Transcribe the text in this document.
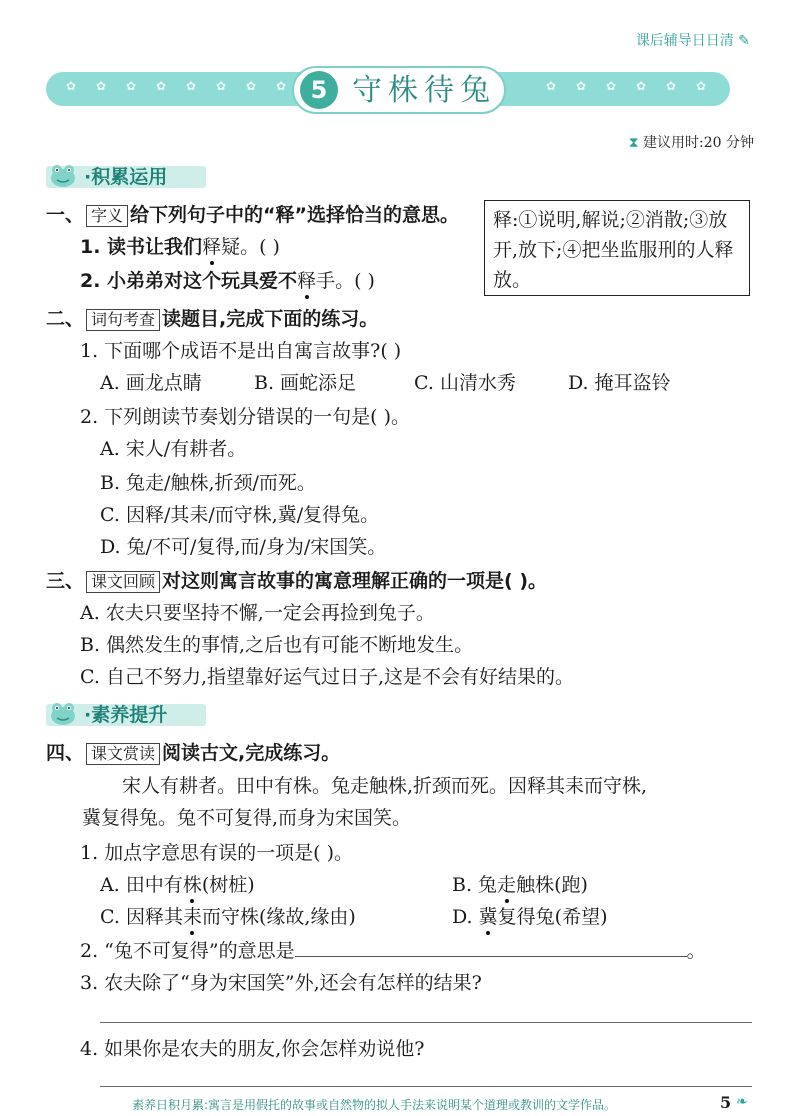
课后辅导日日清 ✎
✿ ✿ ✿ ✿ ✿ ✿ ✿ ✿	✿ ✿ ✿ ✿ ✿ ✿
5 守株待兔
⧗ 建议用时:20 分钟
·积累运用
一、 字义 给下列句子中的“释”选择恰当的意思。
1. 读书让我们释疑。( )
2. 小弟弟对这个玩具爱不释手。( )
释:①说明,解说;②消散;③放开,放下;④把坐监服刑的人释放。
二、 词句考查 读题目,完成下面的练习。
1. 下面哪个成语不是出自寓言故事?( )
A. 画龙点睛	B. 画蛇添足	C. 山清水秀	D. 掩耳盗铃
2. 下列朗读节奏划分错误的一句是( )。
A. 宋人/有耕者。
B. 兔走/触株,折颈/而死。
C. 因释/其耒/而守株,冀/复得兔。
D. 兔/不可/复得,而/身为/宋国笑。
三、 课文回顾 对这则寓言故事的寓意理解正确的一项是( )。
A. 农夫只要坚持不懈,一定会再捡到兔子。
B. 偶然发生的事情,之后也有可能不断地发生。
C. 自己不努力,指望靠好运气过日子,这是不会有好结果的。
·素养提升
四、 课文赏读 阅读古文,完成练习。
宋人有耕者。田中有株。兔走触株,折颈而死。因释其耒而守株,
冀复得兔。兔不可复得,而身为宋国笑。
1. 加点字意思有误的一项是( )。
A. 田中有株(树桩)	B. 兔走触株(跑)
C. 因释其耒而守株(缘故,缘由)	D. 冀复得兔(希望)
2. “兔不可复得”的意思是	。
3. 农夫除了“身为宋国笑”外,还会有怎样的结果?
4. 如果你是农夫的朋友,你会怎样劝说他?
素养日积月累:寓言是用假托的故事或自然物的拟人手法来说明某个道理或教训的文学作品。	5 ❧
